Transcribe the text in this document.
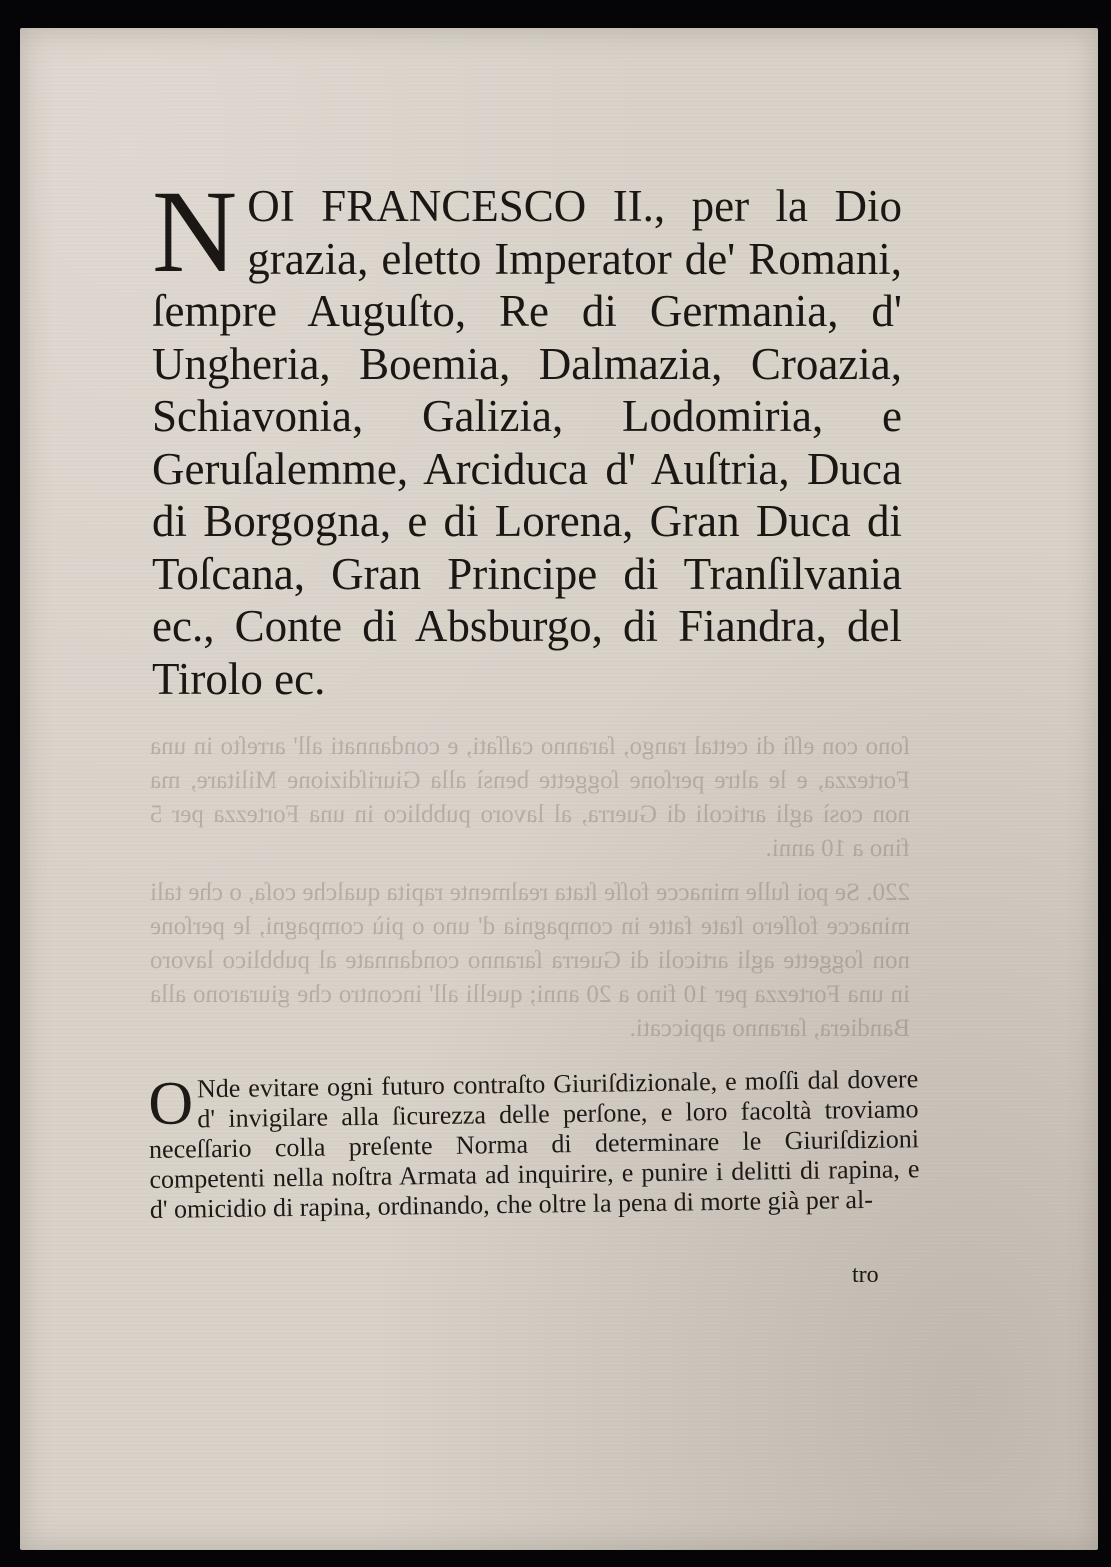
ſono con eſſi di cettal rango, ſaranno caſſati, e condannati all' arreſto in una Fortezza, e le altre perſone ſoggette bensì alla Giuriſdizione Militare, ma non così agli articoli di Guerra, al lavoro pubblico in una Fortezza per 5 fino a 10 anni.

220. Se poi ſulle minacce foſſe ſtata realmente rapita qualche coſa, o che tali minacce foſſero ſtate fatte in compagnia d' uno o più compagni, le perſone non ſoggette agli articoli di Guerra ſaranno condannate al pubblico lavoro in una Fortezza per 10 fino a 20 anni; quelli all' incontro che giurarono alla Bandiera, ſaranno appiccati.

N OI FRANCESCO II., per la Dio grazia, eletto Imperator de' Romani, ſempre Auguſto, Re di Germania, d' Ungheria, Boemia, Dalmazia, Croazia, Schiavonia, Galizia, Lodomiria, e Geruſalemme, Arciduca d' Auſtria, Duca di Borgogna, e di Lorena, Gran Duca di Toſcana, Gran Principe di Tranſilvania ec., Conte di Absburgo, di Fiandra, del Tirolo ec.
O Nde evitare ogni futuro contraſto Giuriſdizionale, e moſſi dal dovere d' invigilare alla ſicurezza delle perſone, e loro facoltà troviamo neceſſario colla preſente Norma di determinare le Giuriſdizioni competenti nella noſtra Armata ad inquirire, e punire i delitti di rapina, e d' omicidio di rapina, ordinando, che oltre la pena di morte già per al-
tro
